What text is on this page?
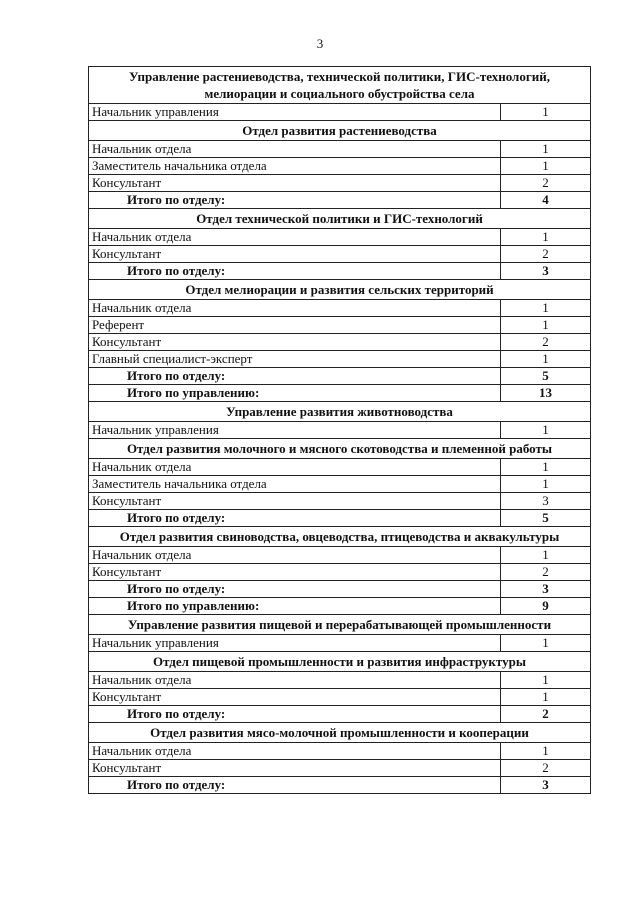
3
Управление растениеводства, технической политики, ГИС-технологий, мелиорации и социального обустройства села	
Начальник управления	1
Отдел развития растениеводства	
Начальник отдела	1
Заместитель начальника отдела	1
Консультант	2
Итого по отделу:	4
Отдел технической политики и ГИС-технологий	
Начальник отдела	1
Консультант	2
Итого по отделу:	3
Отдел мелиорации и развития сельских территорий	
Начальник отдела	1
Референт	1
Консультант	2
Главный специалист-эксперт	1
Итого по отделу:	5
Итого по управлению:	13
Управление развития животноводства	
Начальник управления	1
Отдел развития молочного и мясного скотоводства и племенной работы	
Начальник отдела	1
Заместитель начальника отдела	1
Консультант	3
Итого по отделу:	5
Отдел развития свиноводства, овцеводства, птицеводства и аквакультуры	
Начальник отдела	1
Консультант	2
Итого по отделу:	3
Итого по управлению:	9
Управление развития пищевой и перерабатывающей промышленности	
Начальник управления	1
Отдел пищевой промышленности и развития инфраструктуры	
Начальник отдела	1
Консультант	1
Итого по отделу:	2
Отдел развития мясо-молочной промышленности и кооперации	
Начальник отдела	1
Консультант	2
Итого по отделу:	3
